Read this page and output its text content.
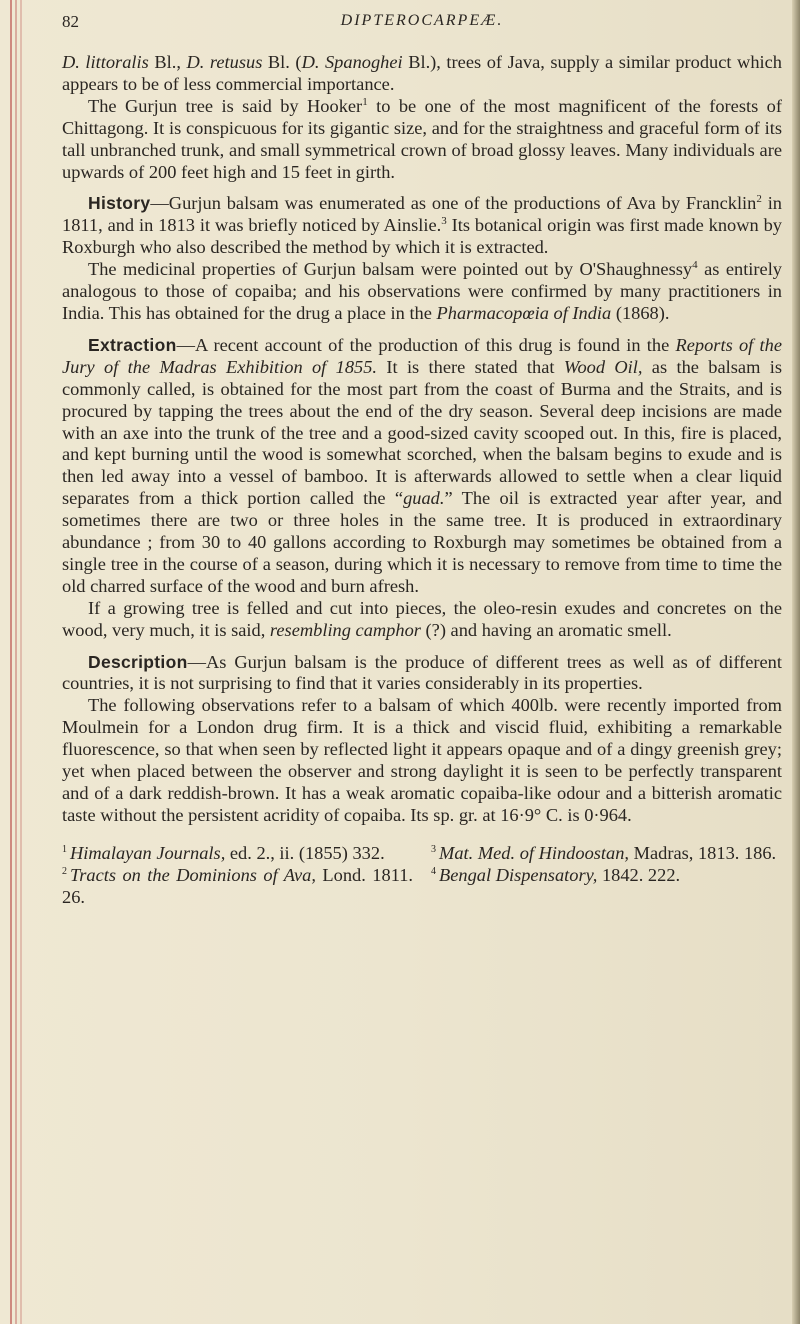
82	DIPTEROCARPEÆ.

D. littoralis Bl., D. retusus Bl. (D. Spanoghei Bl.), trees of Java, supply a similar product which appears to be of less commercial importance.

The Gurjun tree is said by Hooker$^1$ to be one of the most magnificent of the forests of Chittagong. It is conspicuous for its gigantic size, and for the straightness and graceful form of its tall unbranched trunk, and small symmetrical crown of broad glossy leaves. Many individuals are upwards of 200 feet high and 15 feet in girth.

History—Gurjun balsam was enumerated as one of the productions of Ava by Francklin$^2$ in 1811, and in 1813 it was briefly noticed by Ainslie.$^3$ Its botanical origin was first made known by Roxburgh who also described the method by which it is extracted.

The medicinal properties of Gurjun balsam were pointed out by O'Shaughnessy$^4$ as entirely analogous to those of copaiba; and his observations were confirmed by many practitioners in India. This has obtained for the drug a place in the Pharmacopœia of India (1868).

Extraction—A recent account of the production of this drug is found in the Reports of the Jury of the Madras Exhibition of 1855. It is there stated that Wood Oil, as the balsam is commonly called, is obtained for the most part from the coast of Burma and the Straits, and is procured by tapping the trees about the end of the dry season. Several deep incisions are made with an axe into the trunk of the tree and a good-sized cavity scooped out. In this, fire is placed, and kept burning until the wood is somewhat scorched, when the balsam begins to exude and is then led away into a vessel of bamboo. It is afterwards allowed to settle when a clear liquid separates from a thick portion called the “guad.” The oil is extracted year after year, and sometimes there are two or three holes in the same tree. It is produced in extraordinary abundance ; from 30 to 40 gallons according to Roxburgh may sometimes be obtained from a single tree in the course of a season, during which it is necessary to remove from time to time the old charred surface of the wood and burn afresh.

If a growing tree is felled and cut into pieces, the oleo-resin exudes and concretes on the wood, very much, it is said, resembling camphor (?) and having an aromatic smell.

Description—As Gurjun balsam is the produce of different trees as well as of different countries, it is not surprising to find that it varies considerably in its properties.

The following observations refer to a balsam of which 400lb. were recently imported from Moulmein for a London drug firm. It is a thick and viscid fluid, exhibiting a remarkable fluorescence, so that when seen by reflected light it appears opaque and of a dingy greenish grey; yet when placed between the observer and strong daylight it is seen to be perfectly transparent and of a dark reddish-brown. It has a weak aromatic copaiba-like odour and a bitterish aromatic taste without the persistent acridity of copaiba. Its sp. gr. at 16·9° C. is 0·964.

$^1$ Himalayan Journals, ed. 2., ii. (1855) 332.	$^3$ Mat. Med. of Hindoostan, Madras, 1813. 186.

$^2$ Tracts on the Dominions of Ava, Lond. 1811. 26.

$^4$ Bengal Dispensatory, 1842. 222.
